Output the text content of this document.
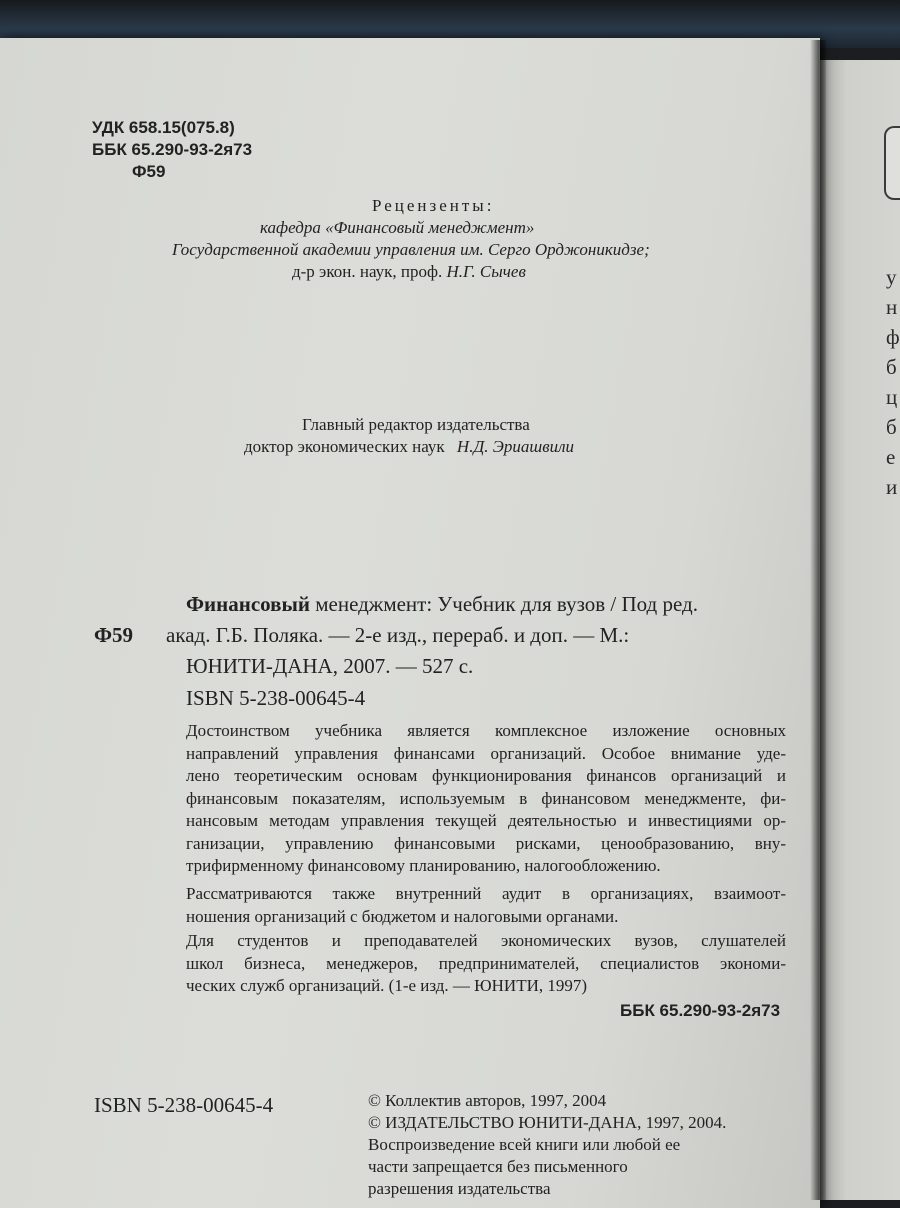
у
н
ф
б
ц
б
е
и
УДК 658.15(075.8)
ББК 65.290-93-2я73
Ф59
Рецензенты:
кафедра «Финансовый менеджмент»
Государственной академии управления им. Серго Орджоникидзе;
д-р экон. наук, проф. Н.Г. Сычев
Главный редактор издательства
доктор экономических наук Н.Д. Эриашвили
Финансовый менеджмент: Учебник для вузов / Под ред.
Ф59 акад. Г.Б. Поляка. — 2-е изд., перераб. и доп. — М.:
ЮНИТИ-ДАНА, 2007. — 527 с.
ISBN 5-238-00645-4
Достоинством учебника является комплексное изложение основных
направлений управления финансами организаций. Особое внимание уде-
лено теоретическим основам функционирования финансов организаций и
финансовым показателям, используемым в финансовом менеджменте, фи-
нансовым методам управления текущей деятельностью и инвестициями ор-
ганизации, управлению финансовыми рисками, ценообразованию, вну-
трифирменному финансовому планированию, налогообложению.
Рассматриваются также внутренний аудит в организациях, взаимоот-
ношения организаций с бюджетом и налоговыми органами.
Для студентов и преподавателей экономических вузов, слушателей
школ бизнеса, менеджеров, предпринимателей, специалистов экономи-
ческих служб организаций. (1-е изд. — ЮНИТИ, 1997)
ББК 65.290-93-2я73
ISBN 5-238-00645-4	© Коллектив авторов, 1997, 2004
© ИЗДАТЕЛЬСТВО ЮНИТИ-ДАНА, 1997, 2004.
Воспроизведение всей книги или любой ее
части запрещается без письменного
разрешения издательства
